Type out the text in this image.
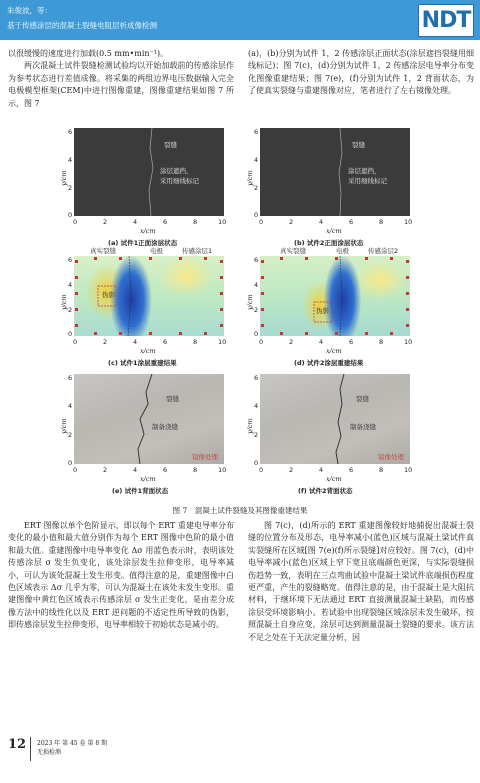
朱俊波，等：
基于传感涂层的混凝土裂缝电阻层析成像检测	NDT

以很缓慢的速度进行加载(0.5 mm•min⁻¹)。

两次混凝土试件裂缝检测试验均以开始加载前的传感涂层作为参考状态进行差值成像。将采集的两组边界电压数据输入完全电极模型框架(CEM)中进行图像重建，图像重建结果如图 7 所示，图 7

(a)，(b)分别为试件 1，2 传感涂层正面状态(涂层遮挡裂缝用细线标记)；图 7(c)，(d)分别为试件 1，2 传感涂层电导率分布变化图像重建结果；图 7(e)，(f)分别为试件 1，2 背面状态，为了使真实裂缝与重建图像对应，笔者进行了左右镜像处理。

裂缝
涂层遮挡，
采用细线标记
y/cm
6
4
2
0
0	2	4	6	8	10
x/cm
(a) 试件1正面涂层状态
裂缝
涂层遮挡，
采用细线标记
y/cm
6
4
2
0
0	2	4	6	8	10
x/cm
(b) 试件2正面涂层状态
真实裂缝	电极	传感涂层1
伪影
y/cm
6
4
2
0
0	2	4	6	8	10
x/cm
(c) 试件1涂层重建结果
真实裂缝	电极	传感涂层2
伪影
y/cm
6
4
2
0
0	2	4	6	8	10
x/cm
(d) 试件2涂层重建结果
裂缝
制备浇缝
镜像处理
y/cm
6
4
2
0
0	2	4	6	8	10
x/cm
(e) 试件1背面状态
裂缝
制备浇缝
镜像处理
y/cm
6
4
2
0
0	2	4	6	8	10
x/cm
(f) 试件2背面状态
图 7　混凝土试件裂缝及其图像重建结果

ERT 图像以单个色阶显示，即以每个 ERT 重建电导率分布变化的最小值和最大值分别作为每个 ERT 图像中色阶的最小值和最大值。重建图像中电导率变化 Δσ 用蓝色表示时，表明该处传感涂层 σ 发生负变化，该处涂层发生拉伸变形，电导率减小，可认为该处混凝土发生形变。值得注意的是，重建图像中白色区域表示 Δσ 几乎为零，可认为混凝土在该处未发生变形。重建图像中黄红色区域表示传感涂层 σ 发生正变化，是由差分成像方法中的线性化以及 ERT 逆问题的不适定性所导致的伪影，即传感涂层发生拉伸变形，电导率相较于初始状态是减小的。

图 7(c)，(d)所示的 ERT 重建图像较好地捕捉出混凝土裂缝的位置分布及形态，电导率减小(蓝色)区域与混凝土梁试件真实裂缝所在区域[图 7(e)(f)所示裂缝]对应较好。图 7(c)，(d)中电导率减小(蓝色)区域上窄下宽且底端颜色更深，与实际裂缝损伤趋势一致，表明在三点弯曲试验中混凝土梁试件底端损伤程度更严重，产生的裂缝略宽。值得注意的是，由于混凝土是大阻抗材料，于继环境下无法通过 ERT 直接测量混凝土缺陷，而传感涂层受环境影响小。若试验中出现裂缝区域涂层未发生破坏，按照混凝土自身应变，涂层可达到测量混凝土裂缝的要求。该方法不足之处在于无法定量分析，因

12 2023 年 第 45 卷 第 8 期
无损检测
